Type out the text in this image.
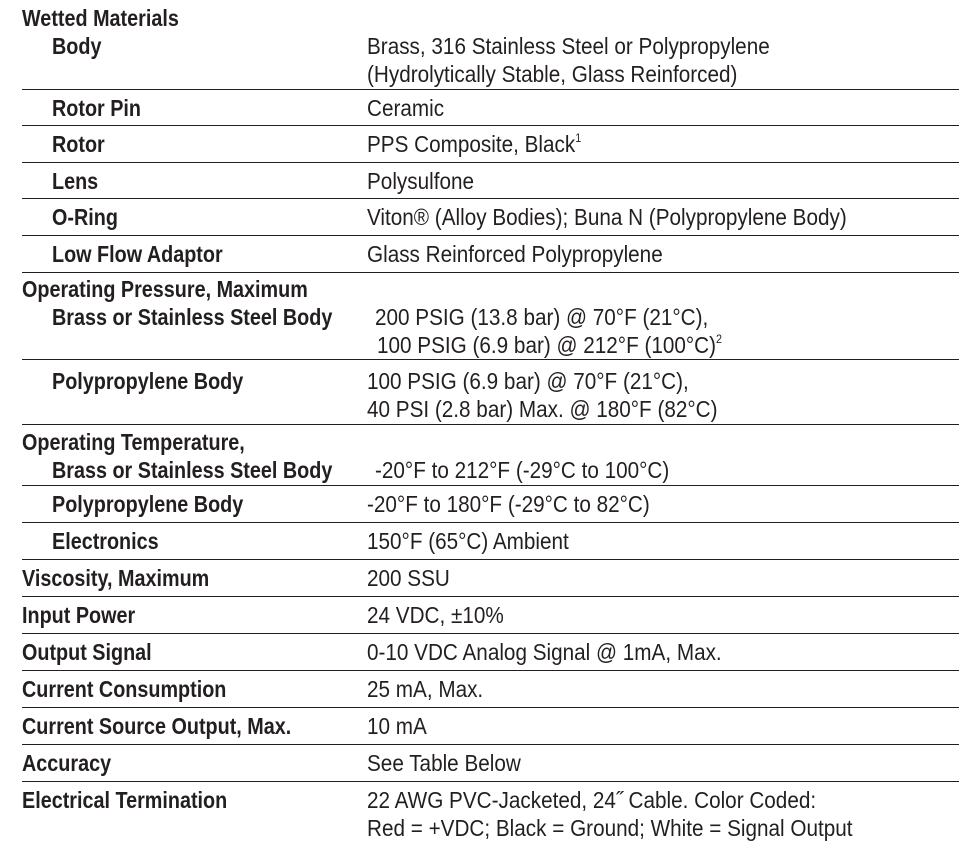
Wetted Materials
Body	Brass, 316 Stainless Steel or Polypropylene
(Hydrolytically Stable, Glass Reinforced)
Rotor Pin	Ceramic
Rotor	PPS Composite, Black$^1$
Lens	Polysulfone
O-Ring	Viton® (Alloy Bodies); Buna N (Polypropylene Body)
Low Flow Adaptor	Glass Reinforced Polypropylene
Operating Pressure, Maximum
Brass or Stainless Steel Body 200 PSIG (13.8 bar) @ 70°F (21°C),
100 PSIG (6.9 bar) @ 212°F $(100^\circ C)^2$
Polypropylene Body	100 PSIG (6.9 bar) @ 70°F (21°C),
40 PSI (2.8 bar) Max. @ 180°F (82°C)
Operating Temperature,
Brass or Stainless Steel Body -20°F to 212°F (-29°C to 100°C)
Polypropylene Body	-20°F to 180°F (-29°C to 82°C)
Electronics	150°F (65°C) Ambient
Viscosity, Maximum	200 SSU
Input Power	24 VDC, ±10%
Output Signal	0-10 VDC Analog Signal @ 1mA, Max.
Current Consumption	25 mA, Max.
Current Source Output, Max.	10 mA
Accuracy	See Table Below
Electrical Termination	22 AWG PVC-Jacketed, 24˝ Cable. Color Coded:
Red = +VDC; Black = Ground; White = Signal Output
